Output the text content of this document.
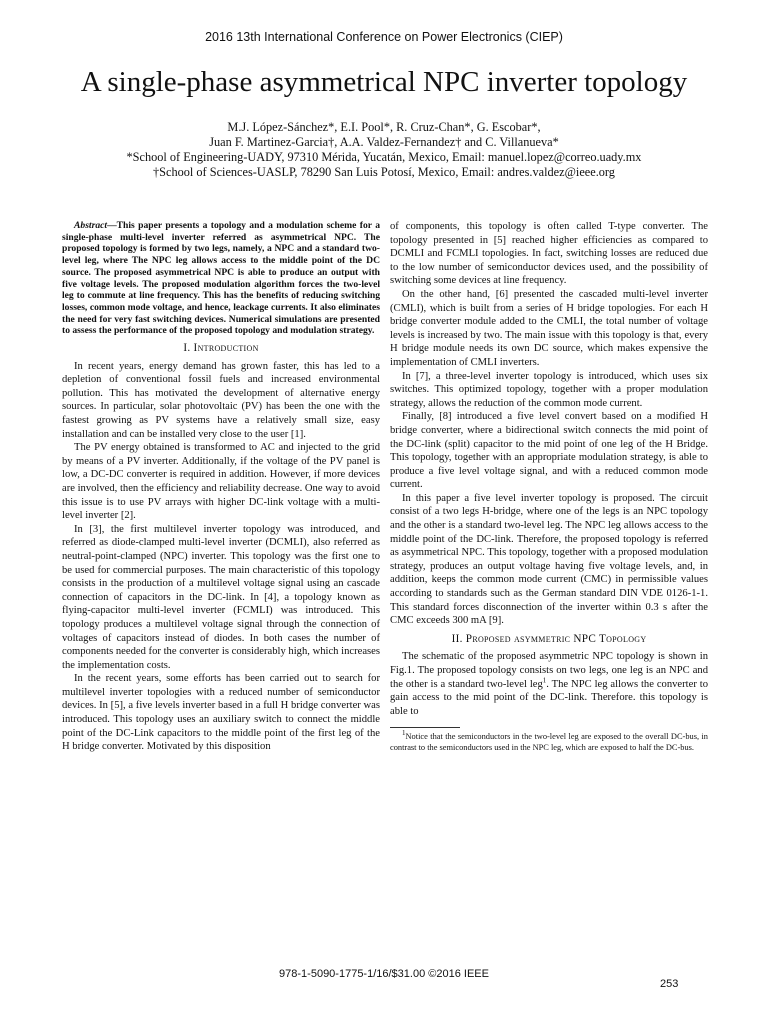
2016 13th International Conference on Power Electronics (CIEP)
A single-phase asymmetrical NPC inverter topology
M.J. López-Sánchez*, E.I. Pool*, R. Cruz-Chan*, G. Escobar*,
Juan F. Martinez-Garcia†, A.A. Valdez-Fernandez† and C. Villanueva*
*School of Engineering-UADY, 97310 Mérida, Yucatán, Mexico, Email: manuel.lopez@correo.uady.mx
†School of Sciences-UASLP, 78290 San Luis Potosí, Mexico, Email: andres.valdez@ieee.org

Abstract—This paper presents a topology and a modulation scheme for a single-phase multi-level inverter referred as asymmetrical NPC. The proposed topology is formed by two legs, namely, a NPC and a standard two-level leg, where The NPC leg allows access to the middle point of the DC source. The proposed asymmetrical NPC is able to produce an output with five voltage levels. The proposed modulation algorithm forces the two-level leg to commute at line frequency. This has the benefits of reducing switching losses, common mode voltage, and hence, leackage currents. It also eliminates the need for very fast switching devices. Numerical simulations are presented to assess the performance of the proposed topology and modulation strategy.

I. Introduction

In recent years, energy demand has grown faster, this has led to a depletion of conventional fossil fuels and increased environmental pollution. This has motivated the development of alternative energy sources. In particular, solar photovoltaic (PV) has been the one with the fastest growing as PV systems have a relatively small size, easy installation and can be installed very close to the user [1].

The PV energy obtained is transformed to AC and injected to the grid by means of a PV inverter. Additionally, if the voltage of the PV panel is low, a DC-DC converter is required in addition. However, if more devices are involved, then the efficiency and reliability decrease. One way to avoid this issue is to use PV arrays with higher DC-link voltage with a multi-level inverter [2].

In [3], the first multilevel inverter topology was introduced, and referred as diode-clamped multi-level inverter (DCMLI), also referred as neutral-point-clamped (NPC) inverter. This topology was the first one to be used for commercial purposes. The main characteristic of this topology consists in the production of a multilevel voltage signal using an cascade connection of capacitors in the DC-link. In [4], a topology known as flying-capacitor multi-level inverter (FCMLI) was introduced. This topology produces a multilevel voltage signal through the connection of voltages of capacitors instead of diodes. In both cases the number of components needed for the converter is considerably high, which increases the implementation costs.

In the recent years, some efforts has been carried out to search for multilevel inverter topologies with a reduced number of semiconductor devices. In [5], a five levels inverter based in a full H bridge converter was introduced. This topology uses an auxiliary switch to connect the middle point of the DC-Link capacitors to the middle point of the first leg of the H bridge converter. Motivated by this disposition

of components, this topology is often called T-type converter. The topology presented in [5] reached higher efficiencies as compared to DCMLI and FCMLI topologies. In fact, switching losses are reduced due to the low number of semiconductor devices used, and the possibility of switching some devices at line frequency.

On the other hand, [6] presented the cascaded multi-level inverter (CMLI), which is built from a series of H bridge topologies. For each H bridge converter module added to the CMLI, the total number of voltage levels is increased by two. The main issue with this topology is that, every H bridge module needs its own DC source, which makes expensive the implementation of CMLI inverters.

In [7], a three-level inverter topology is introduced, which uses six switches. This optimized topology, together with a proper modulation strategy, allows the reduction of the common mode current.

Finally, [8] introduced a five level convert based on a modified H bridge converter, where a bidirectional switch connects the mid point of the DC-link (split) capacitor to the mid point of one leg of the H Bridge. This topology, together with an appropriate modulation strategy, is able to produce a five level voltage signal, and with a reduced common mode current.

In this paper a five level inverter topology is proposed. The circuit consist of a two legs H-bridge, where one of the legs is an NPC topology and the other is a standard two-level leg. The NPC leg allows access to the middle point of the DC-link. Therefore, the proposed topology is referred as asymmetrical NPC. This topology, together with a proposed modulation strategy, produces an output voltage having five voltage levels, and, in addition, keeps the common mode current (CMC) in permissible values according to standards such as the German standard DIN VDE 0126-1-1. This standard forces disconnection of the inverter within 0.3 s after the CMC exceeds 300 mA [9].

II. Proposed asymmetric NPC Topology

The schematic of the proposed asymmetric NPC topology is shown in Fig.1. The proposed topology consists on two legs, one leg is an NPC and the other is a standard two-level leg$^1$. The NPC leg allows the converter to gain access to the mid point of the DC-link. Therefore. this topology is able to

$^1$Notice that the semiconductors in the two-level leg are exposed to the overall DC-bus, in contrast to the semiconductors used in the NPC leg, which are exposed to half the DC-bus.

978-1-5090-1775-1/16/$31.00 ©2016 IEEE
253
